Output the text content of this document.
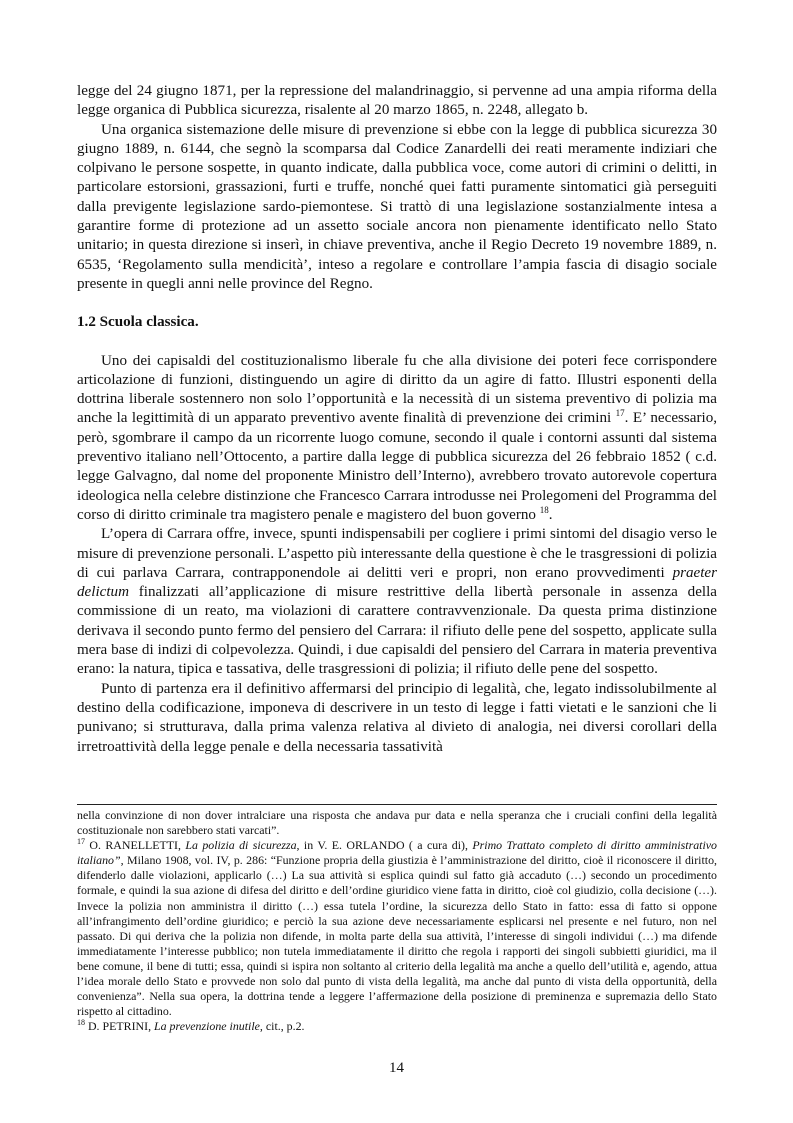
legge del 24 giugno 1871, per la repressione del malandrinaggio, si pervenne ad una ampia riforma della legge organica di Pubblica sicurezza, risalente al 20 marzo 1865, n. 2248, allegato b.

Una organica sistemazione delle misure di prevenzione si ebbe con la legge di pubblica sicurezza 30 giugno 1889, n. 6144, che segnò la scomparsa dal Codice Zanardelli dei reati meramente indiziari che colpivano le persone sospette, in quanto indicate, dalla pubblica voce, come autori di crimini o delitti, in particolare estorsioni, grassazioni, furti e truffe, nonché quei fatti puramente sintomatici già perseguiti dalla previgente legislazione sardo-piemontese. Si trattò di una legislazione sostanzialmente intesa a garantire forme di protezione ad un assetto sociale ancora non pienamente identificato nello Stato unitario; in questa direzione si inserì, in chiave preventiva, anche il Regio Decreto 19 novembre 1889, n. 6535, ‘Regolamento sulla mendicità’, inteso a regolare e controllare l’ampia fascia di disagio sociale presente in quegli anni nelle province del Regno.

1.2 Scuola classica.

Uno dei capisaldi del costituzionalismo liberale fu che alla divisione dei poteri fece corrispondere articolazione di funzioni, distinguendo un agire di diritto da un agire di fatto. Illustri esponenti della dottrina liberale sostennero non solo l’opportunità e la necessità di un sistema preventivo di polizia ma anche la legittimità di un apparato preventivo avente finalità di prevenzione dei crimini $^{17}$. E’ necessario, però, sgombrare il campo da un ricorrente luogo comune, secondo il quale i contorni assunti dal sistema preventivo italiano nell’Ottocento, a partire dalla legge di pubblica sicurezza del 26 febbraio 1852 ( c.d. legge Galvagno, dal nome del proponente Ministro dell’Interno), avrebbero trovato autorevole copertura ideologica nella celebre distinzione che Francesco Carrara introdusse nei Prolegomeni del Programma del corso di diritto criminale tra magistero penale e magistero del buon governo $^{18}$.

L’opera di Carrara offre, invece, spunti indispensabili per cogliere i primi sintomi del disagio verso le misure di prevenzione personali. L’aspetto più interessante della questione è che le trasgressioni di polizia di cui parlava Carrara, contrapponendole ai delitti veri e propri, non erano provvedimenti praeter delictum finalizzati all’applicazione di misure restrittive della libertà personale in assenza della commissione di un reato, ma violazioni di carattere contravvenzionale. Da questa prima distinzione derivava il secondo punto fermo del pensiero del Carrara: il rifiuto delle pene del sospetto, applicate sulla mera base di indizi di colpevolezza. Quindi, i due capisaldi del pensiero del Carrara in materia preventiva erano: la natura, tipica e tassativa, delle trasgressioni di polizia; il rifiuto delle pene del sospetto.

Punto di partenza era il definitivo affermarsi del principio di legalità, che, legato indissolubilmente al destino della codificazione, imponeva di descrivere in un testo di legge i fatti vietati e le sanzioni che li punivano; si strutturava, dalla prima valenza relativa al divieto di analogia, nei diversi corollari della irretroattività della legge penale e della necessaria tassatività

nella convinzione di non dover intralciare una risposta che andava pur data e nella speranza che i cruciali confini della legalità costituzionale non sarebbero stati varcati”.

$^{17}$ O. RANELLETTI, La polizia di sicurezza, in V. E. ORLANDO ( a cura di), Primo Trattato completo di diritto amministrativo italiano”, Milano 1908, vol. IV, p. 286: “Funzione propria della giustizia è l’amministrazione del diritto, cioè il riconoscere il diritto, difenderlo dalle violazioni, applicarlo (…) La sua attività si esplica quindi sul fatto già accaduto (…) secondo un procedimento formale, e quindi la sua azione di difesa del diritto e dell’ordine giuridico viene fatta in diritto, cioè col giudizio, colla decisione (…). Invece la polizia non amministra il diritto (…) essa tutela l’ordine, la sicurezza dello Stato in fatto: essa di fatto si oppone all’infrangimento dell’ordine giuridico; e perciò la sua azione deve necessariamente esplicarsi nel presente e nel futuro, non nel passato. Di qui deriva che la polizia non difende, in molta parte della sua attività, l’interesse di singoli individui (…) ma difende immediatamente l’interesse pubblico; non tutela immediatamente il diritto che regola i rapporti dei singoli subbietti giuridici, ma il bene comune, il bene di tutti; essa, quindi si ispira non soltanto al criterio della legalità ma anche a quello dell’utilità e, agendo, attua l’idea morale dello Stato e provvede non solo dal punto di vista della legalità, ma anche dal punto di vista della opportunità, della convenienza”. Nella sua opera, la dottrina tende a leggere l’affermazione della posizione di preminenza e supremazia dello Stato rispetto al cittadino.

$^{18}$ D. PETRINI, La prevenzione inutile, cit., p.2.

14
